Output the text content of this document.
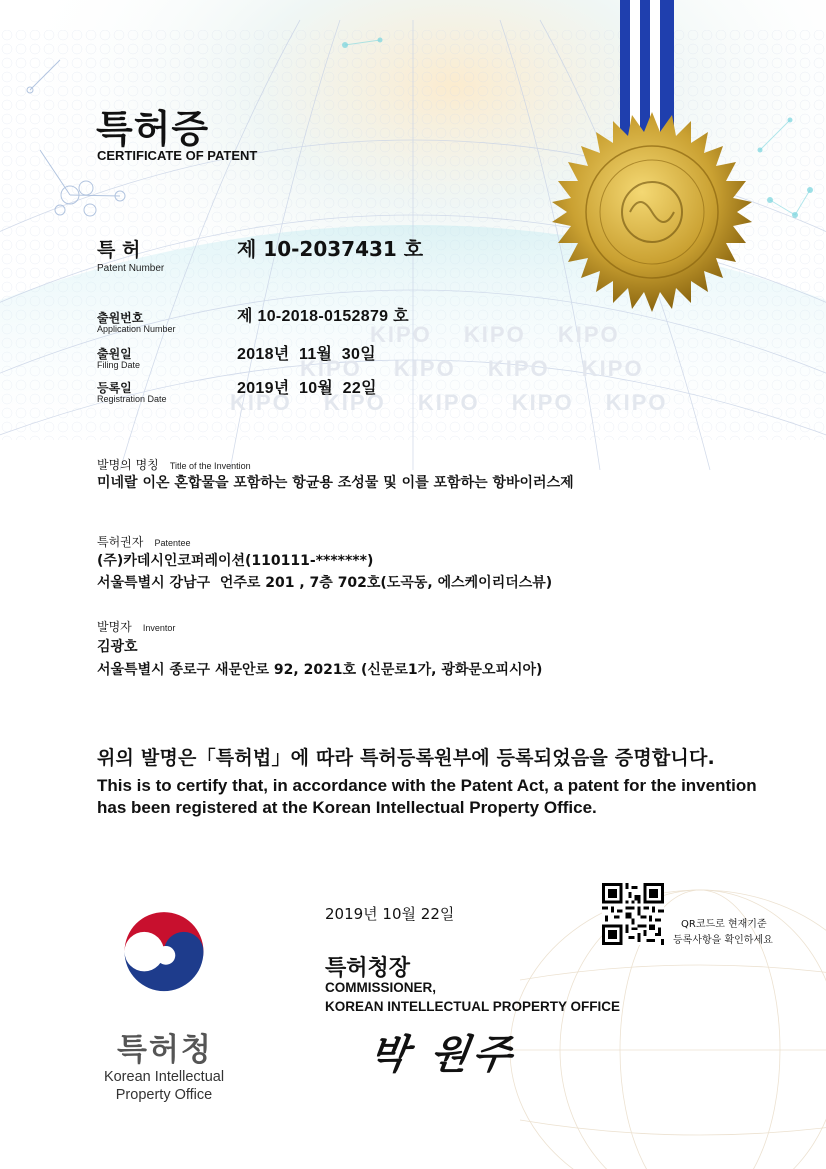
특허증
CERTIFICATE OF PATENT
특 허
Patent Number
제 10-2037431 호
출원번호
Application Number
제 10-2018-0152879 호
출원일
Filing Date
2018년  11월  30일
등록일
Registration Date
2019년  10월  22일
KIPO KIPO KIPO
KIPO KIPO KIPO KIPO
KIPO KIPO KIPO KIPO KIPO
발명의 명칭 Title of the Invention
미네랄 이온 혼합물을 포함하는 항균용 조성물 및 이를 포함하는 항바이러스제
특허권자 Patentee
(주)카데시인코퍼레이션(110111-*******)
서울특별시 강남구  언주로 201 , 7층 702호(도곡동, 에스케이리더스뷰)
발명자 Inventor
김광호
서울특별시 종로구 새문안로 92, 2021호 (신문로1가, 광화문오피시아)
위의 발명은「특허법」에 따라 특허등록원부에 등록되었음을 증명합니다.
This is to certify that, in accordance with the Patent Act, a patent for the invention
has been registered at the Korean Intellectual Property Office.
2019년 10월 22일
QR코드로 현재기준
등록사항을 확인하세요
특허청장
COMMISSIONER,
KOREAN INTELLECTUAL PROPERTY OFFICE
박 원주
특허청
Korean Intellectual
Property Office
